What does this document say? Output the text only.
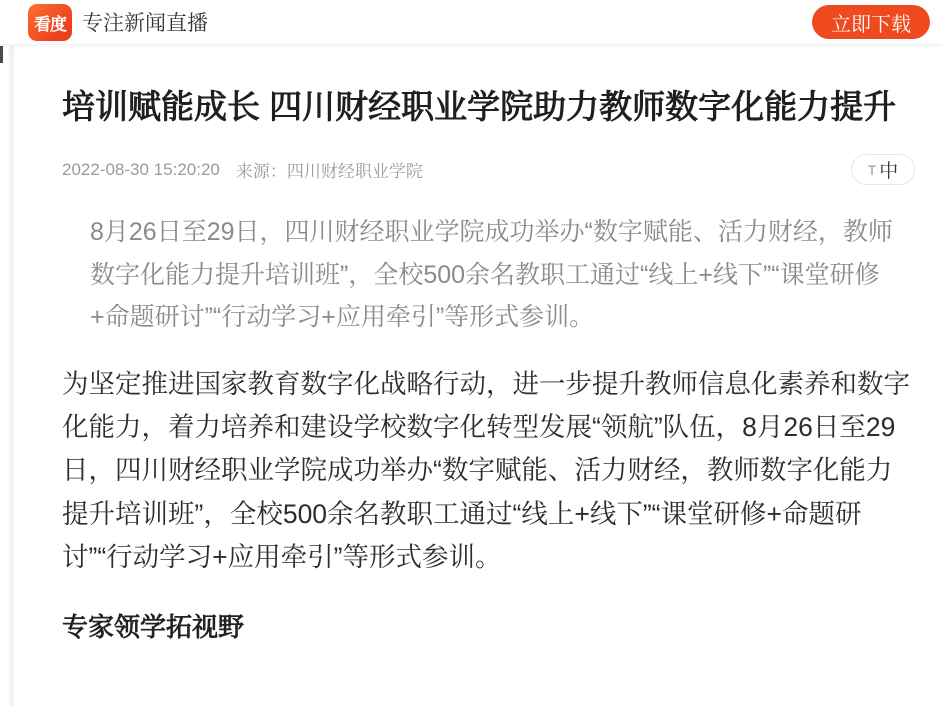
看度 专注新闻直播	立即下载
培训赋能成长 四川财经职业学院助力教师数字化能力提升
2022-08-30 15:20:20 来源：四川财经职业学院	T 中

8月26日至29日，四川财经职业学院成功举办“数字赋能、活力财经，教师数字化能力提升培训班”，全校500余名教职工通过“线上+线下”“课堂研修+命题研讨”“行动学习+应用牵引”等形式参训。

为坚定推进国家教育数字化战略行动，进一步提升教师信息化素养和数字化能力，着力培养和建设学校数字化转型发展“领航”队伍，8月26日至29日，四川财经职业学院成功举办“数字赋能、活力财经，教师数字化能力提升培训班”，全校500余名教职工通过“线上+线下”“课堂研修+命题研讨”“行动学习+应用牵引”等形式参训。

专家领学拓视野
